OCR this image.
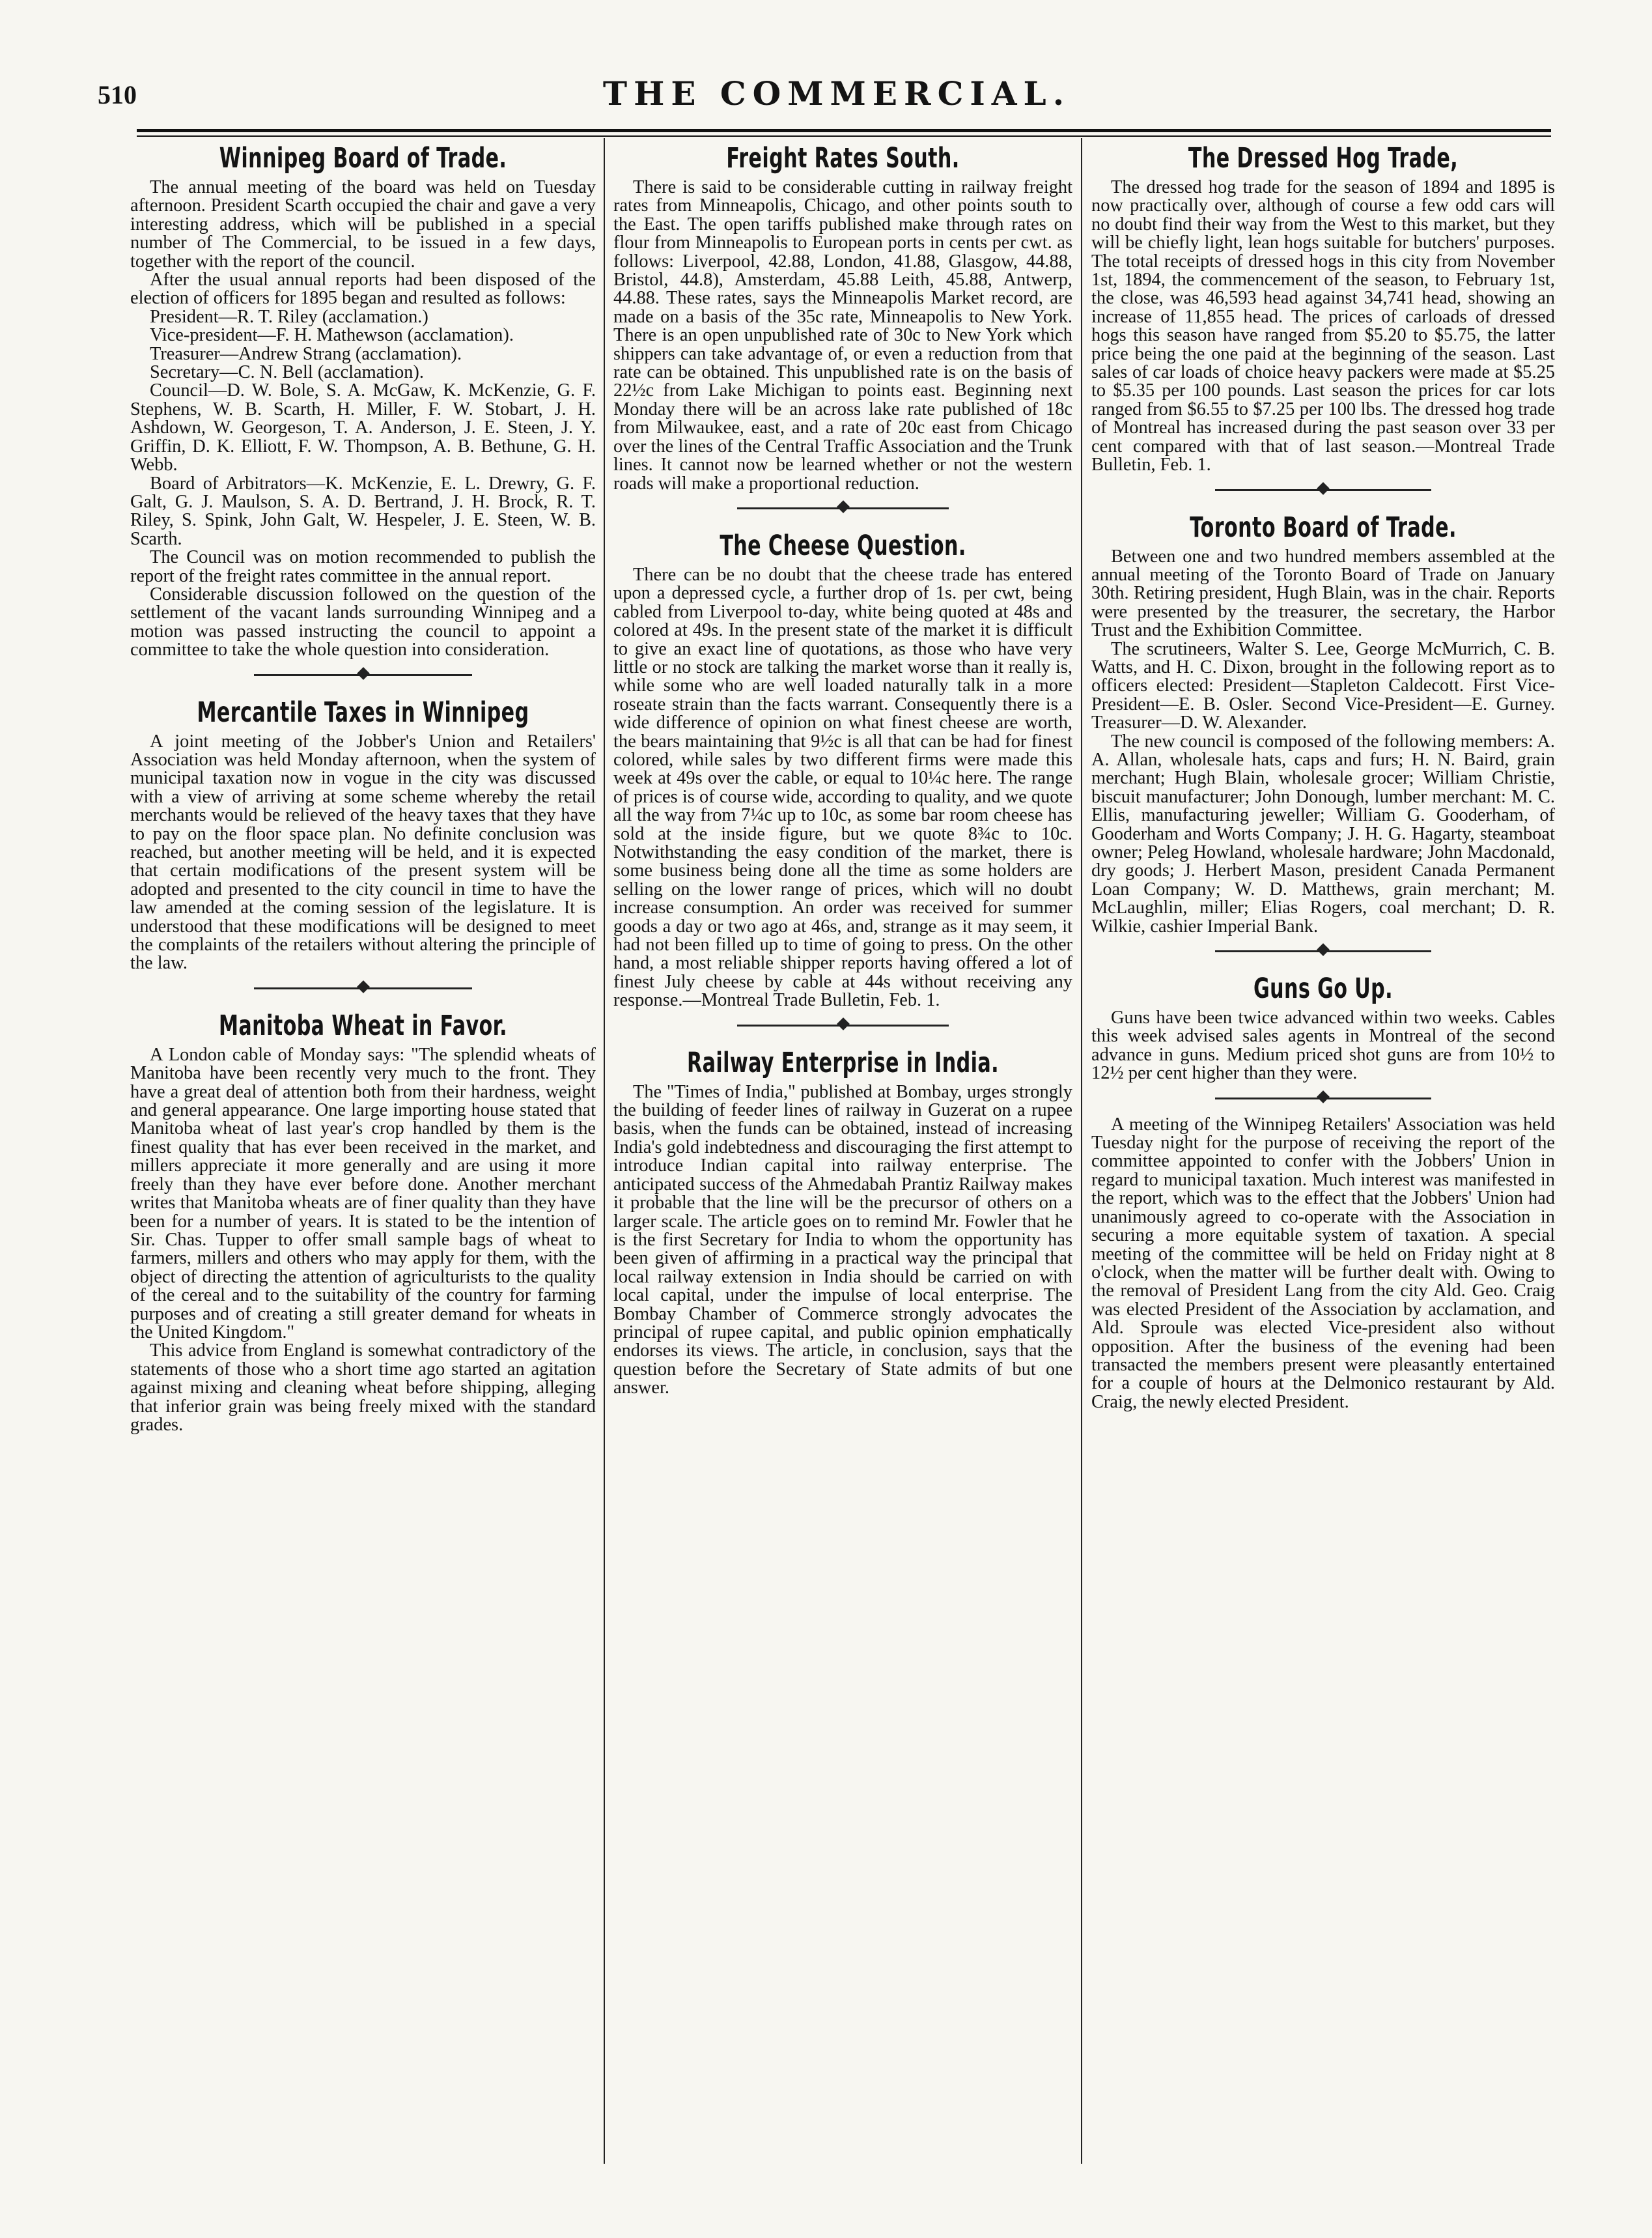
510	THE COMMERCIAL.
Winnipeg Board of Trade.

The annual meeting of the board was held on Tuesday afternoon. President Scarth occupied the chair and gave a very interesting address, which will be published in a special number of The Commercial, to be issued in a few days, together with the report of the council.

After the usual annual reports had been disposed of the election of officers for 1895 began and resulted as follows:

President—R. T. Riley (acclamation.)

Vice-president—F. H. Mathewson (acclamation).

Treasurer—Andrew Strang (acclamation).

Secretary—C. N. Bell (acclamation).

Council—D. W. Bole, S. A. McGaw, K. McKenzie, G. F. Stephens, W. B. Scarth, H. Miller, F. W. Stobart, J. H. Ashdown, W. Georgeson, T. A. Anderson, J. E. Steen, J. Y. Griffin, D. K. Elliott, F. W. Thompson, A. B. Bethune, G. H. Webb.

Board of Arbitrators—K. McKenzie, E. L. Drewry, G. F. Galt, G. J. Maulson, S. A. D. Bertrand, J. H. Brock, R. T. Riley, S. Spink, John Galt, W. Hespeler, J. E. Steen, W. B. Scarth.

The Council was on motion recommended to publish the report of the freight rates committee in the annual report.

Considerable discussion followed on the question of the settlement of the vacant lands surrounding Winnipeg and a motion was passed instructing the council to appoint a committee to take the whole question into consideration.

Mercantile Taxes in Winnipeg

A joint meeting of the Jobber's Union and Retailers' Association was held Monday afternoon, when the system of municipal taxation now in vogue in the city was discussed with a view of arriving at some scheme whereby the retail merchants would be relieved of the heavy taxes that they have to pay on the floor space plan. No definite conclusion was reached, but another meeting will be held, and it is expected that certain modifications of the present system will be adopted and presented to the city council in time to have the law amended at the coming session of the legislature. It is understood that these modifications will be designed to meet the complaints of the retailers without altering the principle of the law.

Manitoba Wheat in Favor.

A London cable of Monday says: "The splendid wheats of Manitoba have been recently very much to the front. They have a great deal of attention both from their hardness, weight and general appearance. One large importing house stated that Manitoba wheat of last year's crop handled by them is the finest quality that has ever been received in the market, and millers appreciate it more generally and are using it more freely than they have ever before done. Another merchant writes that Manitoba wheats are of finer quality than they have been for a number of years. It is stated to be the intention of Sir. Chas. Tupper to offer small sample bags of wheat to farmers, millers and others who may apply for them, with the object of directing the attention of agriculturists to the quality of the cereal and to the suitability of the country for farming purposes and of creating a still greater demand for wheats in the United Kingdom."

This advice from England is somewhat contradictory of the statements of those who a short time ago started an agitation against mixing and cleaning wheat before shipping, alleging that inferior grain was being freely mixed with the standard grades.

Freight Rates South.

There is said to be considerable cutting in railway freight rates from Minneapolis, Chicago, and other points south to the East. The open tariffs published make through rates on flour from Minneapolis to European ports in cents per cwt. as follows: Liverpool, 42.88, London, 41.88, Glasgow, 44.88, Bristol, 44.8), Amsterdam, 45.88 Leith, 45.88, Antwerp, 44.88. These rates, says the Minneapolis Market record, are made on a basis of the 35c rate, Minneapolis to New York. There is an open unpublished rate of 30c to New York which shippers can take advantage of, or even a reduction from that rate can be obtained. This unpublished rate is on the basis of 22½c from Lake Michigan to points east. Beginning next Monday there will be an across lake rate published of 18c from Milwaukee, east, and a rate of 20c east from Chicago over the lines of the Central Traffic Association and the Trunk lines. It cannot now be learned whether or not the western roads will make a proportional reduction.

The Cheese Question.

There can be no doubt that the cheese trade has entered upon a depressed cycle, a further drop of 1s. per cwt, being cabled from Liverpool to-day, white being quoted at 48s and colored at 49s. In the present state of the market it is difficult to give an exact line of quotations, as those who have very little or no stock are talking the market worse than it really is, while some who are well loaded naturally talk in a more roseate strain than the facts warrant. Consequently there is a wide difference of opinion on what finest cheese are worth, the bears maintaining that 9½c is all that can be had for finest colored, while sales by two different firms were made this week at 49s over the cable, or equal to 10¼c here. The range of prices is of course wide, according to quality, and we quote all the way from 7¼c up to 10c, as some bar room cheese has sold at the inside figure, but we quote 8¾c to 10c. Notwithstanding the easy condition of the market, there is some business being done all the time as some holders are selling on the lower range of prices, which will no doubt increase consumption. An order was received for summer goods a day or two ago at 46s, and, strange as it may seem, it had not been filled up to time of going to press. On the other hand, a most reliable shipper reports having offered a lot of finest July cheese by cable at 44s without receiving any response.—Montreal Trade Bulletin, Feb. 1.

Railway Enterprise in India.

The "Times of India," published at Bombay, urges strongly the building of feeder lines of railway in Guzerat on a rupee basis, when the funds can be obtained, instead of increasing India's gold indebtedness and discouraging the first attempt to introduce Indian capital into railway enterprise. The anticipated success of the Ahmedabah Prantiz Railway makes it probable that the line will be the precursor of others on a larger scale. The article goes on to remind Mr. Fowler that he is the first Secretary for India to whom the opportunity has been given of affirming in a practical way the principal that local railway extension in India should be carried on with local capital, under the impulse of local enterprise. The Bombay Chamber of Commerce strongly advocates the principal of rupee capital, and public opinion emphatically endorses its views. The article, in conclusion, says that the question before the Secretary of State admits of but one answer.

The Dressed Hog Trade,

The dressed hog trade for the season of 1894 and 1895 is now practically over, although of course a few odd cars will no doubt find their way from the West to this market, but they will be chiefly light, lean hogs suitable for butchers' purposes. The total receipts of dressed hogs in this city from November 1st, 1894, the commencement of the season, to February 1st, the close, was 46,593 head against 34,741 head, showing an increase of 11,855 head. The prices of carloads of dressed hogs this season have ranged from $5.20 to $5.75, the latter price being the one paid at the beginning of the season. Last sales of car loads of choice heavy packers were made at $5.25 to $5.35 per 100 pounds. Last season the prices for car lots ranged from $6.55 to $7.25 per 100 lbs. The dressed hog trade of Montreal has increased during the past season over 33 per cent compared with that of last season.—Montreal Trade Bulletin, Feb. 1.

Toronto Board of Trade.

Between one and two hundred members assembled at the annual meeting of the Toronto Board of Trade on January 30th. Retiring president, Hugh Blain, was in the chair. Reports were presented by the treasurer, the secretary, the Harbor Trust and the Exhibition Committee.

The scrutineers, Walter S. Lee, George McMurrich, C. B. Watts, and H. C. Dixon, brought in the following report as to officers elected: President—Stapleton Caldecott. First Vice-President—E. B. Osler. Second Vice-President—E. Gurney. Treasurer—D. W. Alexander.

The new council is composed of the following members: A. A. Allan, wholesale hats, caps and furs; H. N. Baird, grain merchant; Hugh Blain, wholesale grocer; William Christie, biscuit manufacturer; John Donough, lumber merchant: M. C. Ellis, manufacturing jeweller; William G. Gooderham, of Gooderham and Worts Company; J. H. G. Hagarty, steamboat owner; Peleg Howland, wholesale hardware; John Macdonald, dry goods; J. Herbert Mason, president Canada Permanent Loan Company; W. D. Matthews, grain merchant; M. McLaughlin, miller; Elias Rogers, coal merchant; D. R. Wilkie, cashier Imperial Bank.

Guns Go Up.

Guns have been twice advanced within two weeks. Cables this week advised sales agents in Montreal of the second advance in guns. Medium priced shot guns are from 10½ to 12½ per cent higher than they were.

A meeting of the Winnipeg Retailers' Association was held Tuesday night for the purpose of receiving the report of the committee appointed to confer with the Jobbers' Union in regard to municipal taxation. Much interest was manifested in the report, which was to the effect that the Jobbers' Union had unanimously agreed to co-operate with the Association in securing a more equitable system of taxation. A special meeting of the committee will be held on Friday night at 8 o'clock, when the matter will be further dealt with. Owing to the removal of President Lang from the city Ald. Geo. Craig was elected President of the Association by acclamation, and Ald. Sproule was elected Vice-president also without opposition. After the business of the evening had been transacted the members present were pleasantly entertained for a couple of hours at the Delmonico restaurant by Ald. Craig, the newly elected President.
